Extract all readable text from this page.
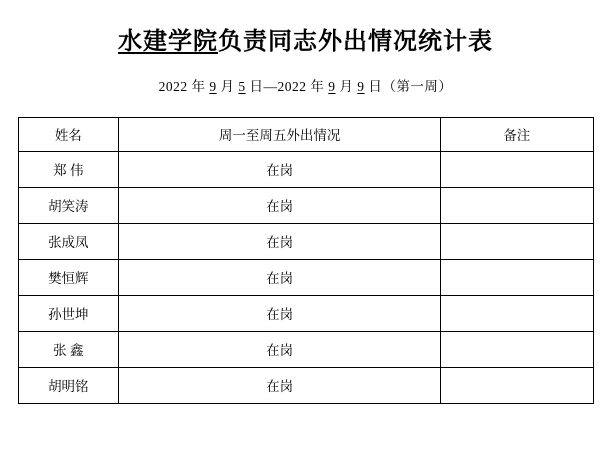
水建学院负责同志外出情况统计表

2022 年 9 月 5 日—2022 年 9 月 9 日（第一周）

姓名	周一至周五外出情况	备注
郑 伟	在岗	
胡笑涛	在岗	
张成凤	在岗	
樊恒辉	在岗	
孙世坤	在岗	
张 鑫	在岗	
胡明铭	在岗	
